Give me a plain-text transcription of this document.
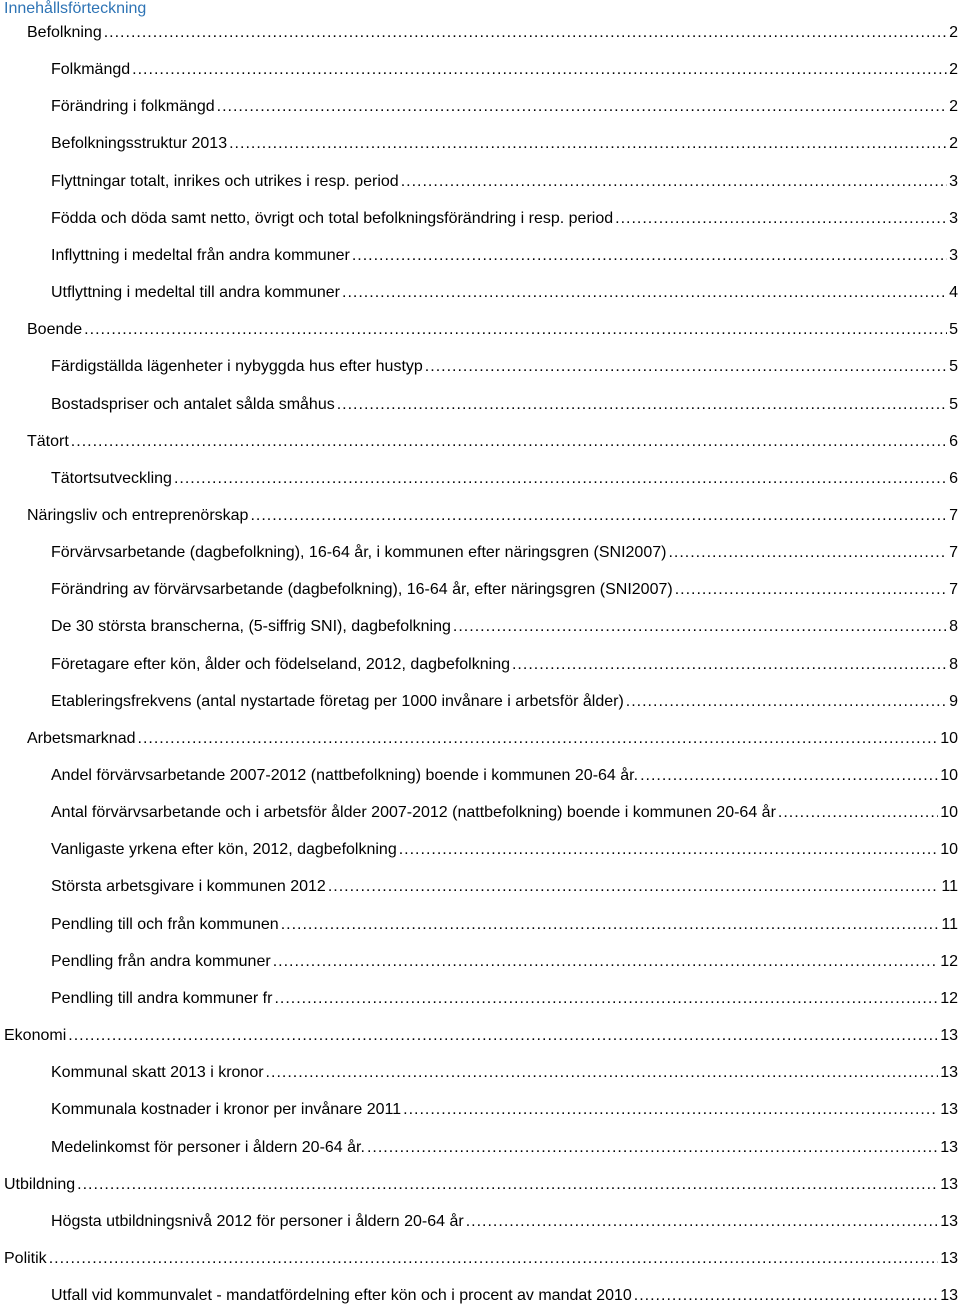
Innehållsförteckning
Befolkning .....	2
Folkmängd .....	2
Förändring i folkmängd .....	2
Befolkningsstruktur 2013 .....	2
Flyttningar totalt, inrikes och utrikes i resp. period .....	3
Födda och döda samt netto, övrigt och total befolkningsförändring i resp. period .....	3
Inflyttning i medeltal från andra kommuner .....	3
Utflyttning i medeltal till andra kommuner .....	4
Boende .....	5
Färdigställda lägenheter i nybyggda hus efter hustyp .....	5
Bostadspriser och antalet sålda småhus .....	5
Tätort .....	6
Tätortsutveckling .....	6
Näringsliv och entreprenörskap .....	7
Förvärvsarbetande (dagbefolkning), 16-64 år, i kommunen efter näringsgren (SNI2007) .....	7
Förändring av förvärvsarbetande (dagbefolkning), 16-64 år, efter näringsgren (SNI2007) .....	7
De 30 största branscherna, (5-siffrig SNI), dagbefolkning .....	8
Företagare efter kön, ålder och födelseland, 2012, dagbefolkning .....	8
Etableringsfrekvens (antal nystartade företag per 1000 invånare i arbetsför ålder) .....	9
Arbetsmarknad .....	10
Andel förvärvsarbetande 2007-2012 (nattbefolkning) boende i kommunen 20-64 år. .....	10
Antal förvärvsarbetande och i arbetsför ålder 2007-2012 (nattbefolkning) boende i kommunen 20-64 år .....	10
Vanligaste yrkena efter kön, 2012, dagbefolkning .....	10
Största arbetsgivare i kommunen 2012 .....	11
Pendling till och från kommunen .....	11
Pendling från andra kommuner .....	12
Pendling till andra kommuner fr .....	12
Ekonomi .....	13
Kommunal skatt 2013 i kronor .....	13
Kommunala kostnader i kronor per invånare 2011 .....	13
Medelinkomst för personer i åldern 20-64 år. .....	13
Utbildning .....	13
Högsta utbildningsnivå 2012 för personer i åldern 20-64 år .....	13
Politik .....	13
Utfall vid kommunvalet - mandatfördelning efter kön och i procent av mandat 2010 .....	13
